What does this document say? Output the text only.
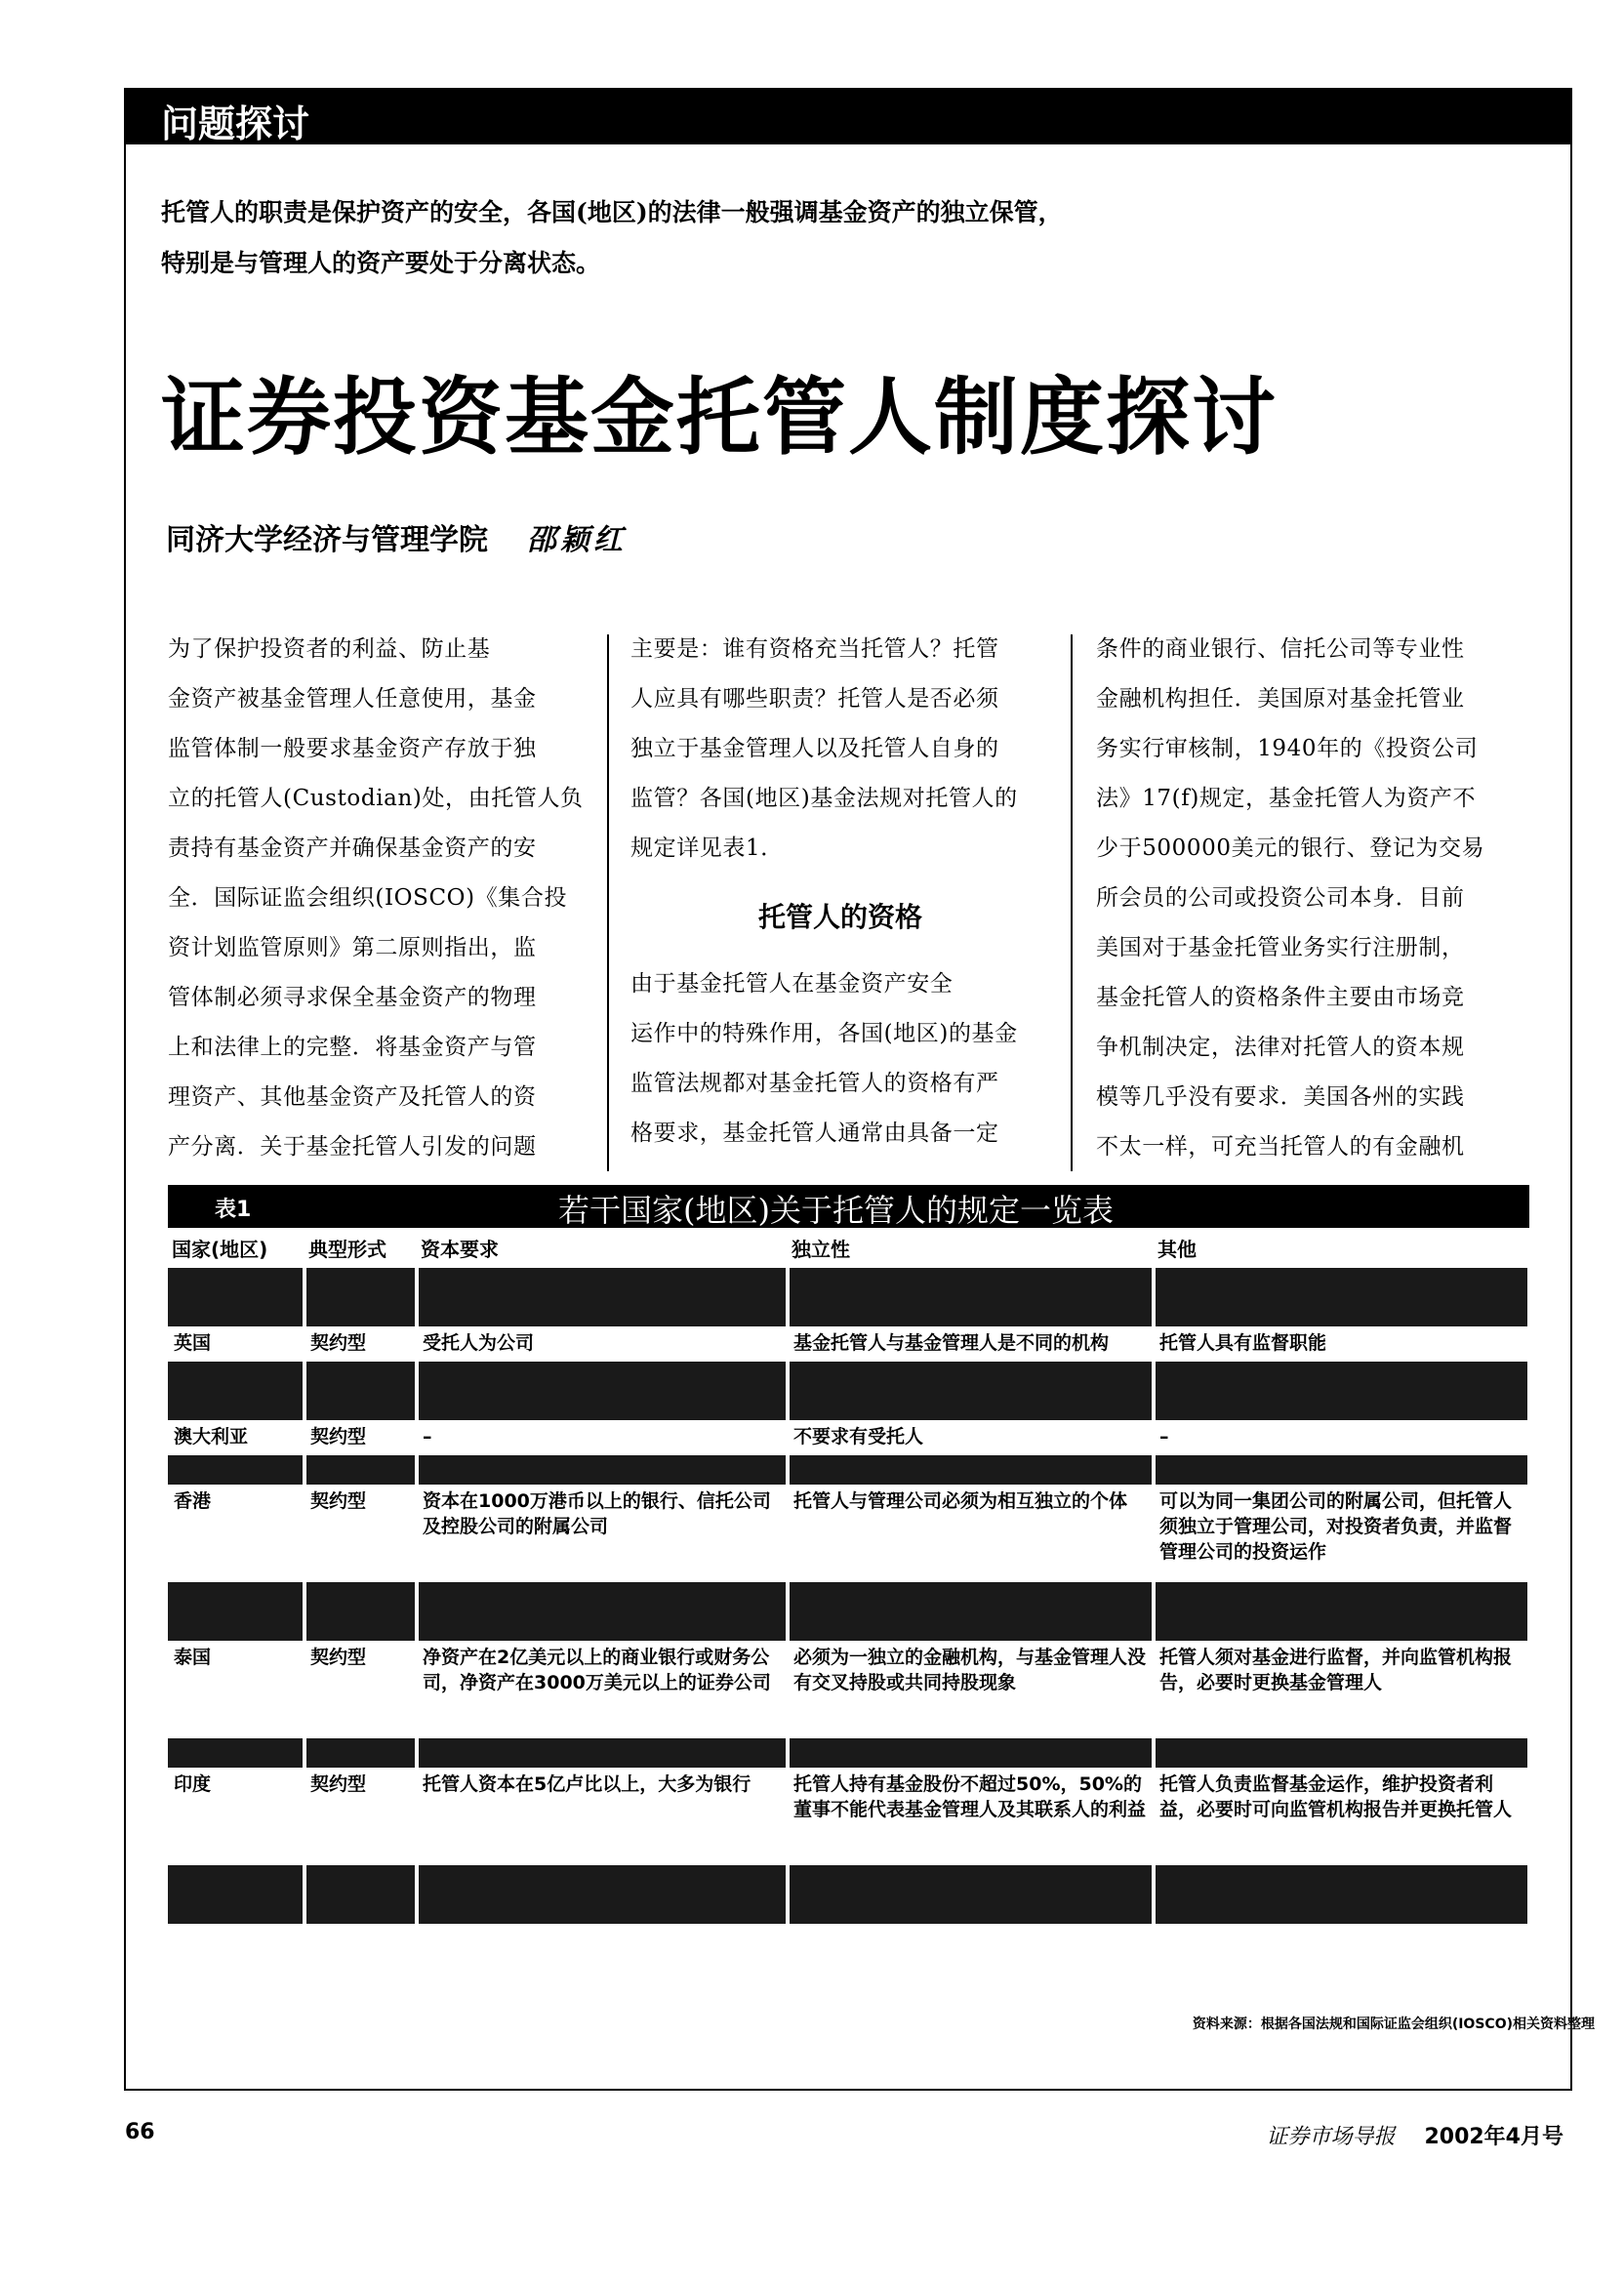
问题探讨
托管人的职责是保护资产的安全，各国(地区)的法律一般强调基金资产的独立保管，
特别是与管理人的资产要处于分离状态。
证券投资基金托管人制度探讨
同济大学经济与管理学院 邵颖红
为了保护投资者的利益、防止基
金资产被基金管理人任意使用，基金
监管体制一般要求基金资产存放于独
立的托管人(Custodian)处，由托管人负
责持有基金资产并确保基金资产的安
全．国际证监会组织(IOSCO)《集合投
资计划监管原则》第二原则指出，监
管体制必须寻求保全基金资产的物理
上和法律上的完整．将基金资产与管
理资产、其他基金资产及托管人的资
产分离．关于基金托管人引发的问题
主要是：谁有资格充当托管人？托管
人应具有哪些职责？托管人是否必须
独立于基金管理人以及托管人自身的
监管？各国(地区)基金法规对托管人的
规定详见表1．
托管人的资格
由于基金托管人在基金资产安全
运作中的特殊作用，各国(地区)的基金
监管法规都对基金托管人的资格有严
格要求，基金托管人通常由具备一定
条件的商业银行、信托公司等专业性
金融机构担任．美国原对基金托管业
务实行审核制，1940年的《投资公司
法》17(f)规定，基金托管人为资产不
少于500000美元的银行、登记为交易
所会员的公司或投资公司本身．目前
美国对于基金托管业务实行注册制，
基金托管人的资格条件主要由市场竞
争机制决定，法律对托管人的资本规
模等几乎没有要求．美国各州的实践
不太一样，可充当托管人的有金融机
表1	若干国家(地区)关于托管人的规定一览表
国家(地区)	典型形式	资本要求	独立性	其他

英国	契约型	受托人为公司	基金托管人与基金管理人是不同的机构	托管人具有监督职能

澳大利亚	契约型	–	不要求有受托人	–

香港	契约型	资本在1000万港币以上的银行、信托公司及控股公司的附属公司	托管人与管理公司必须为相互独立的个体	可以为同一集团公司的附属公司，但托管人须独立于管理公司，对投资者负责，并监督管理公司的投资运作

泰国	契约型	净资产在2亿美元以上的商业银行或财务公司，净资产在3000万美元以上的证券公司	必须为一独立的金融机构，与基金管理人没有交叉持股或共同持股现象	托管人须对基金进行监督，并向监管机构报告，必要时更换基金管理人

印度	契约型	托管人资本在5亿卢比以上，大多为银行	托管人持有基金股份不超过50%，50%的董事不能代表基金管理人及其联系人的利益	托管人负责监督基金运作，维护投资者利益，必要时可向监管机构报告并更换托管人

资料来源：根据各国法规和国际证监会组织(IOSCO)相关资料整理
66	证券市场导报 2002年4月号
